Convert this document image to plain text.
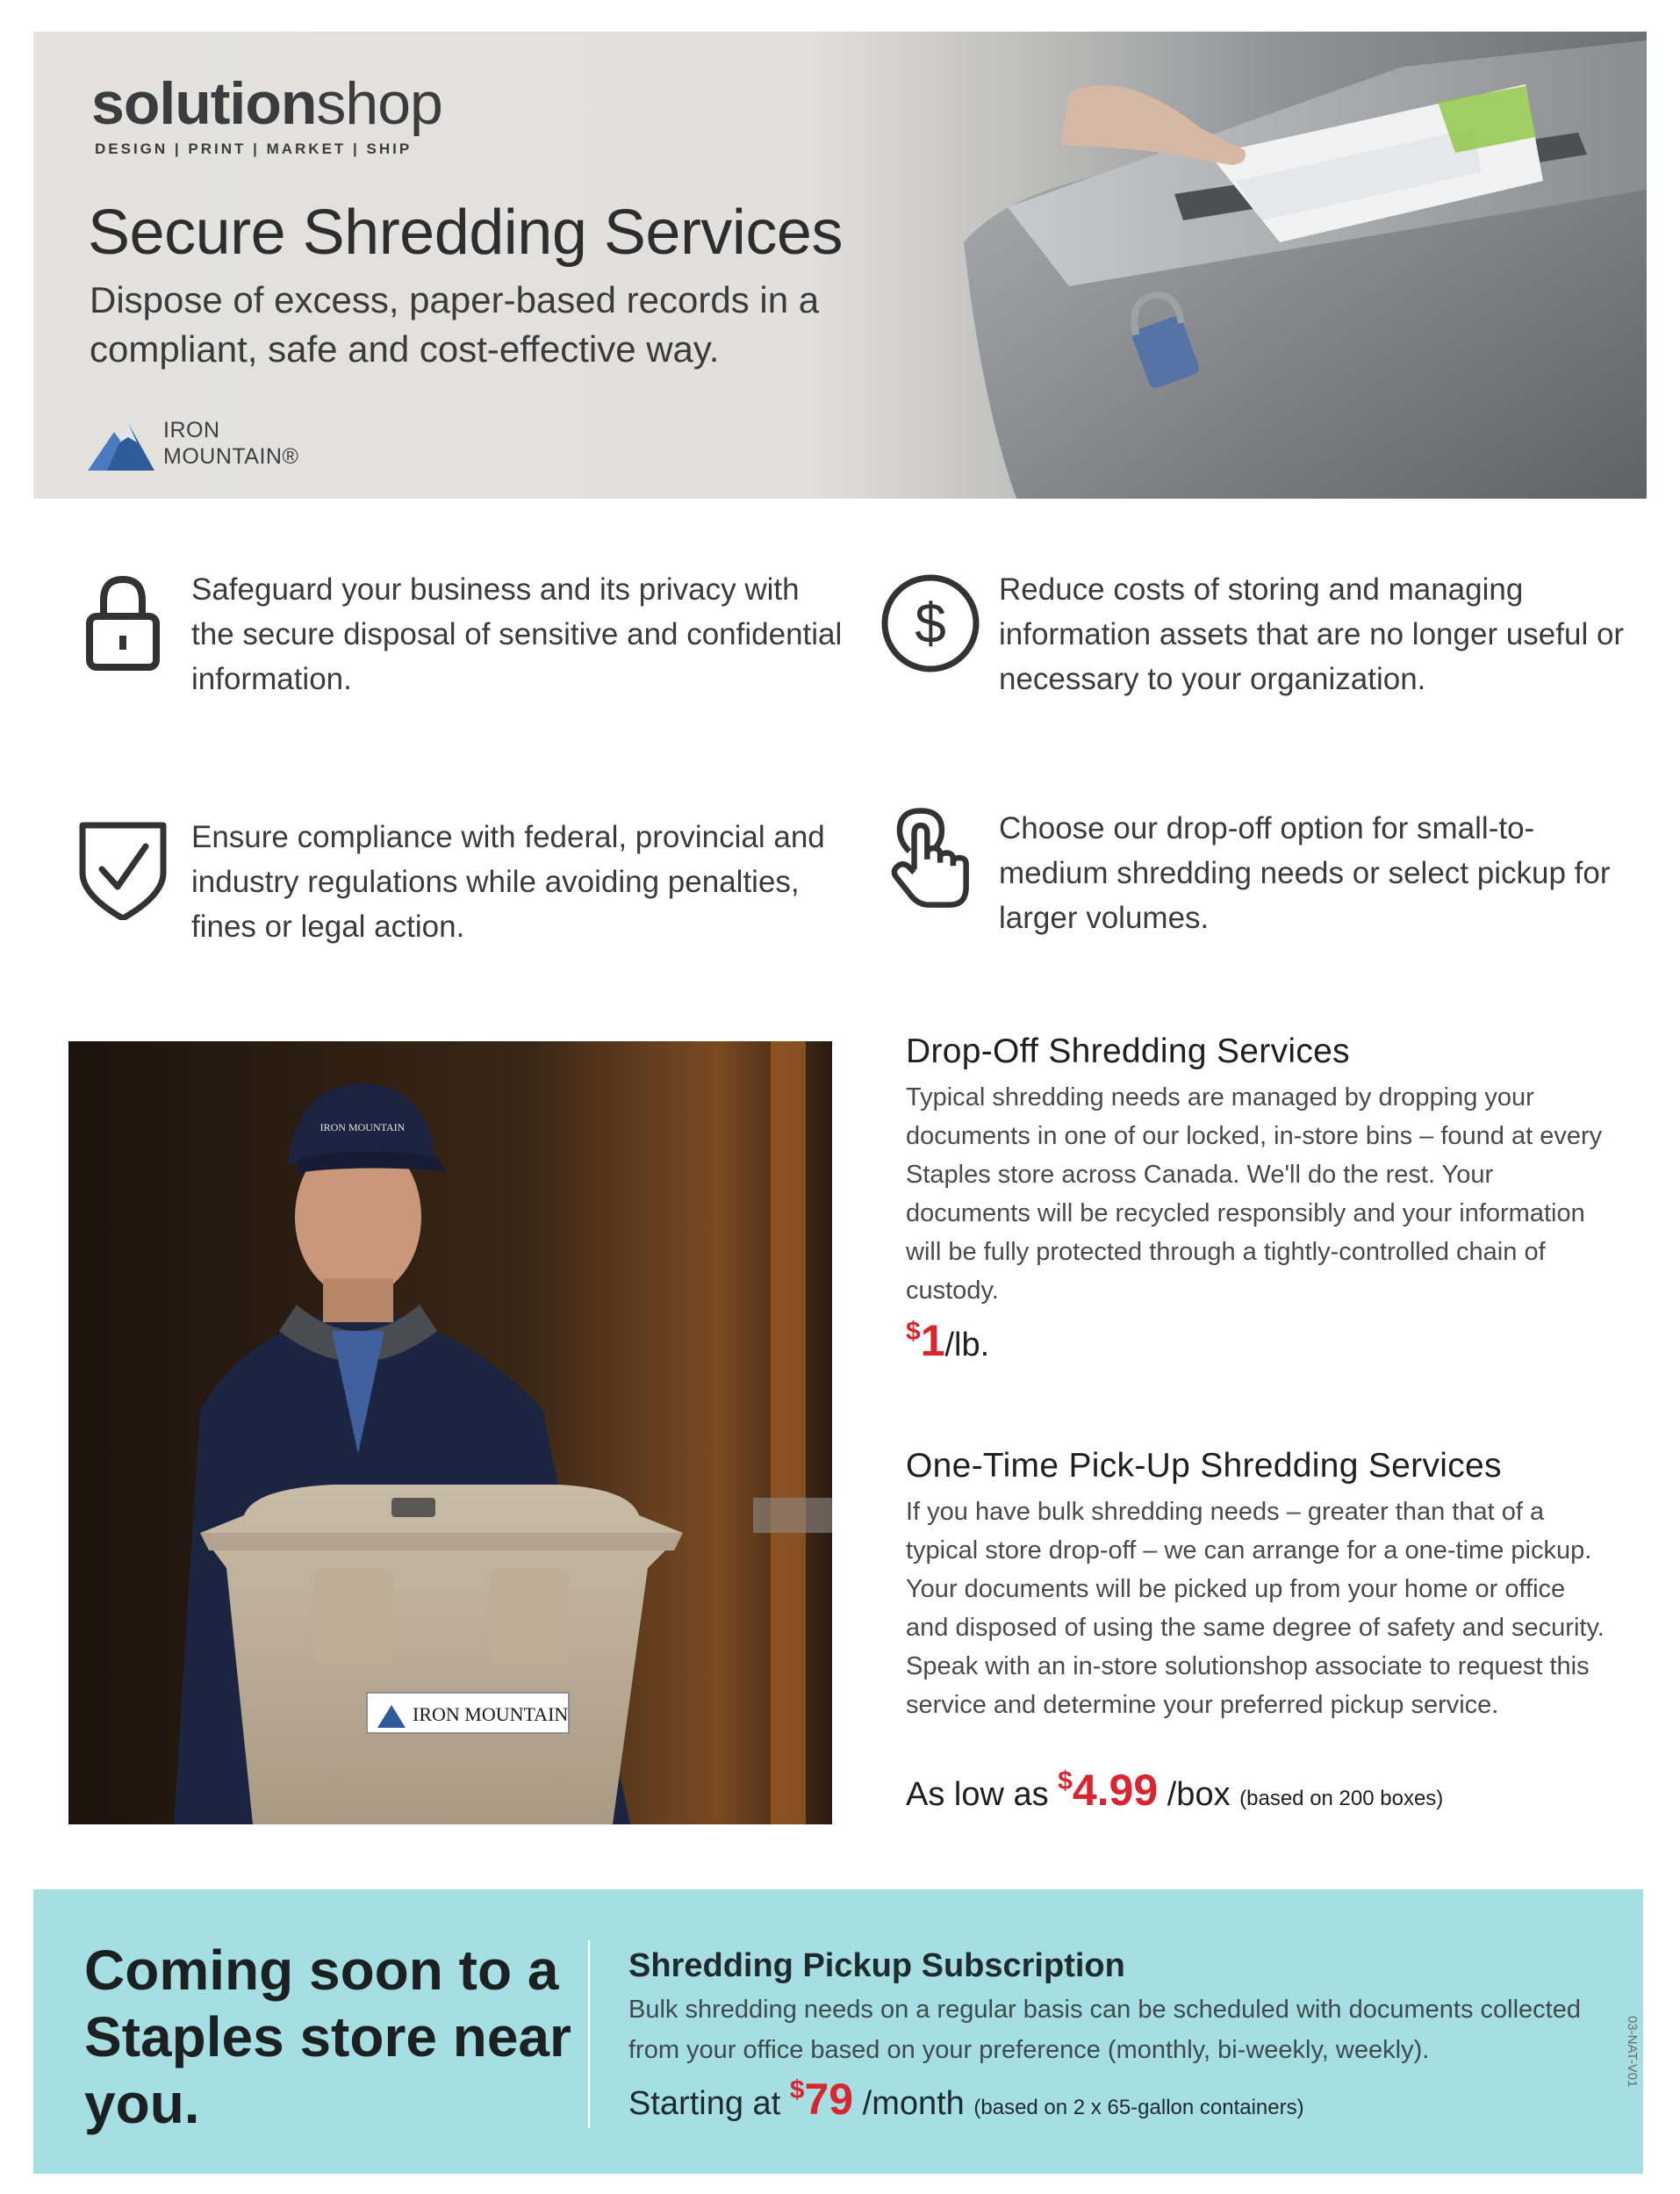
solutionshop
DESIGN | PRINT | MARKET | SHIP
Secure Shredding Services

Dispose of excess, paper-based records in a compliant, safe and cost-effective way.

IRON
MOUNTAIN®

Safeguard your business and its privacy with the secure disposal of sensitive and confidential information.

$

Reduce costs of storing and managing information assets that are no longer useful or necessary to your organization.

Ensure compliance with federal, provincial and industry regulations while avoiding penalties, fines or legal action.

Choose our drop-off option for small-to-medium shredding needs or select pickup for larger volumes.

IRON MOUNTAIN
IRON MOUNTAIN
Drop-Off Shredding Services

Typical shredding needs are managed by dropping your documents in one of our locked, in-store bins – found at every Staples store across Canada. We'll do the rest. Your documents will be recycled responsibly and your information will be fully protected through a tightly-controlled chain of custody.

$1/lb.
One-Time Pick-Up Shredding Services

If you have bulk shredding needs – greater than that of a typical store drop-off – we can arrange for a one-time pickup. Your documents will be picked up from your home or office and disposed of using the same degree of safety and security. Speak with an in-store solutionshop associate to request this service and determine your preferred pickup service.

As low as $4.99 /box (based on 200 boxes)
Coming soon to a Staples store near you.
Shredding Pickup Subscription

Bulk shredding needs on a regular basis can be scheduled with documents collected from your office based on your preference (monthly, bi-weekly, weekly).

Starting at $79 /month (based on 2 x 65-gallon containers)
03-NAT-V01
